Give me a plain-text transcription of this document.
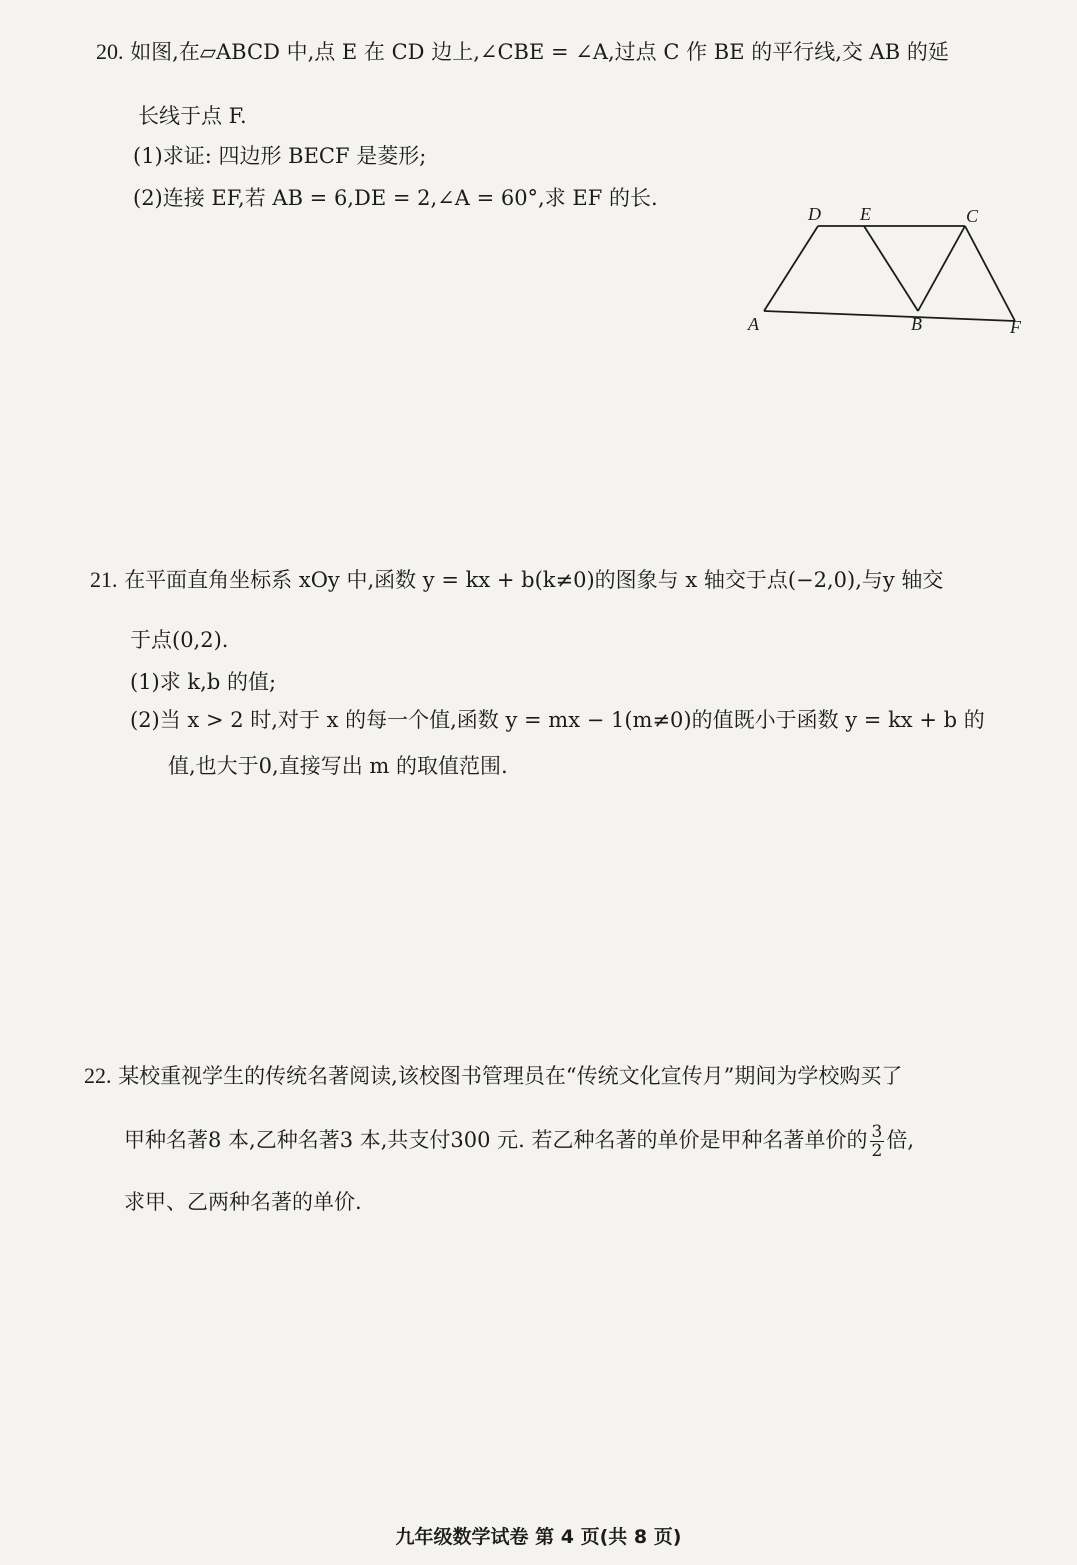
20. 如图,在▱ABCD 中,点 E 在 CD 边上,∠CBE = ∠A,过点 C 作 BE 的平行线,交 AB 的延
长线于点 F.
(1)求证: 四边形 BECF 是菱形;
(2)连接 EF,若 AB = 6,DE = 2,∠A = 60°,求 EF 的长.
D E	C
A	B	F
21. 在平面直角坐标系 xOy 中,函数 y = kx + b(k≠0)的图象与 x 轴交于点(−2,0),与y 轴交
于点(0,2).
(1)求 k,b 的值;
(2)当 x > 2 时,对于 x 的每一个值,函数 y = mx − 1(m≠0)的值既小于函数 y = kx + b 的
值,也大于0,直接写出 m 的取值范围.
22. 某校重视学生的传统名著阅读,该校图书管理员在“传统文化宣传月”期间为学校购买了
甲种名著8 本,乙种名著3 本,共支付300 元. 若乙种名著的单价是甲种名著单价的 $\frac{3}{2}$ 倍,
求甲、乙两种名著的单价.
九年级数学试卷 第 4 页(共 8 页)
